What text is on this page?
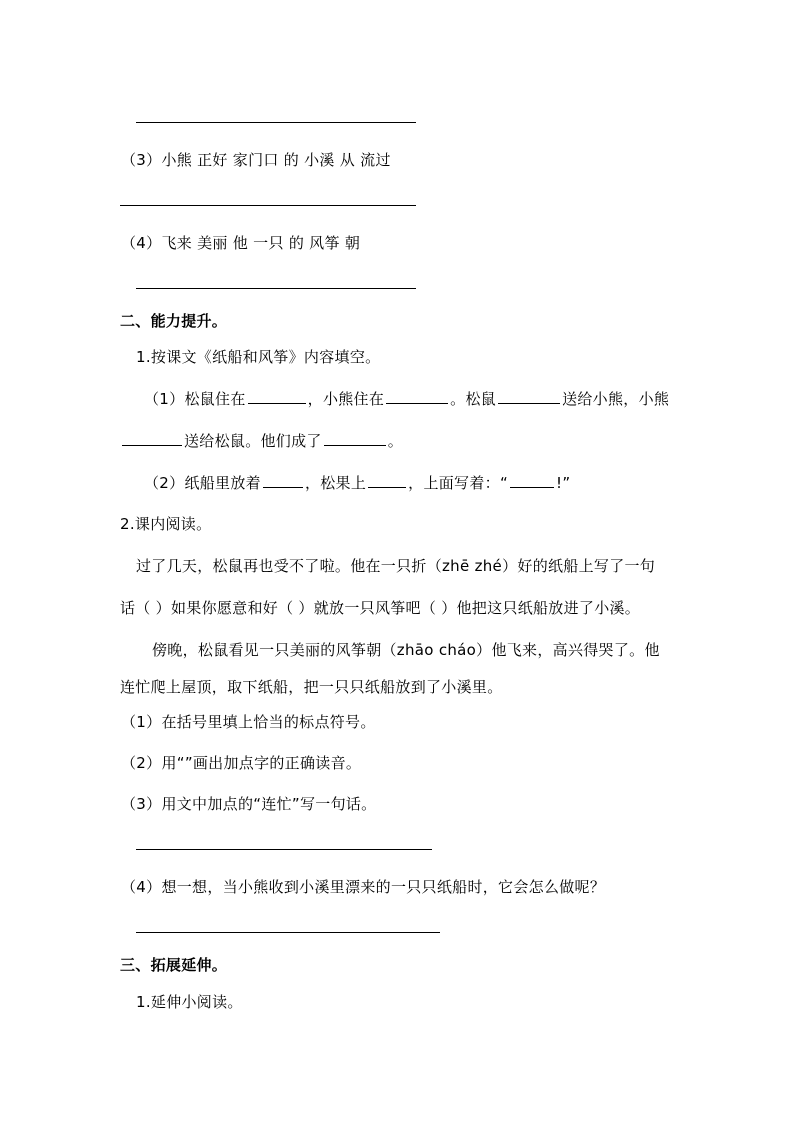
（3）小熊 正好 家门口 的 小溪 从 流过
（4）飞来 美丽 他 一只 的 风筝 朝
二、能力提升。
1.按课文《纸船和风筝》内容填空。
（1）松鼠住在	，小熊住在	。松鼠	送给小熊，小熊
送给松鼠。他们成了	。
（2）纸船里放着	，松果上	，上面写着：“	!”
2.课内阅读。
过了几天，松鼠再也受不了啦。他在一只折（zhē zhé）好的纸船上写了一句
话（ ）如果你愿意和好（ ）就放一只风筝吧（ ）他把这只纸船放进了小溪。
傍晚，松鼠看见一只美丽的风筝朝（zhāo cháo）他飞来，高兴得哭了。他
连忙爬上屋顶，取下纸船，把一只只纸船放到了小溪里。
（1）在括号里填上恰当的标点符号。
（2）用“”画出加点字的正确读音。
（3）用文中加点的“连忙”写一句话。
（4）想一想，当小熊收到小溪里漂来的一只只纸船时，它会怎么做呢？
三、拓展延伸。
1.延伸小阅读。
